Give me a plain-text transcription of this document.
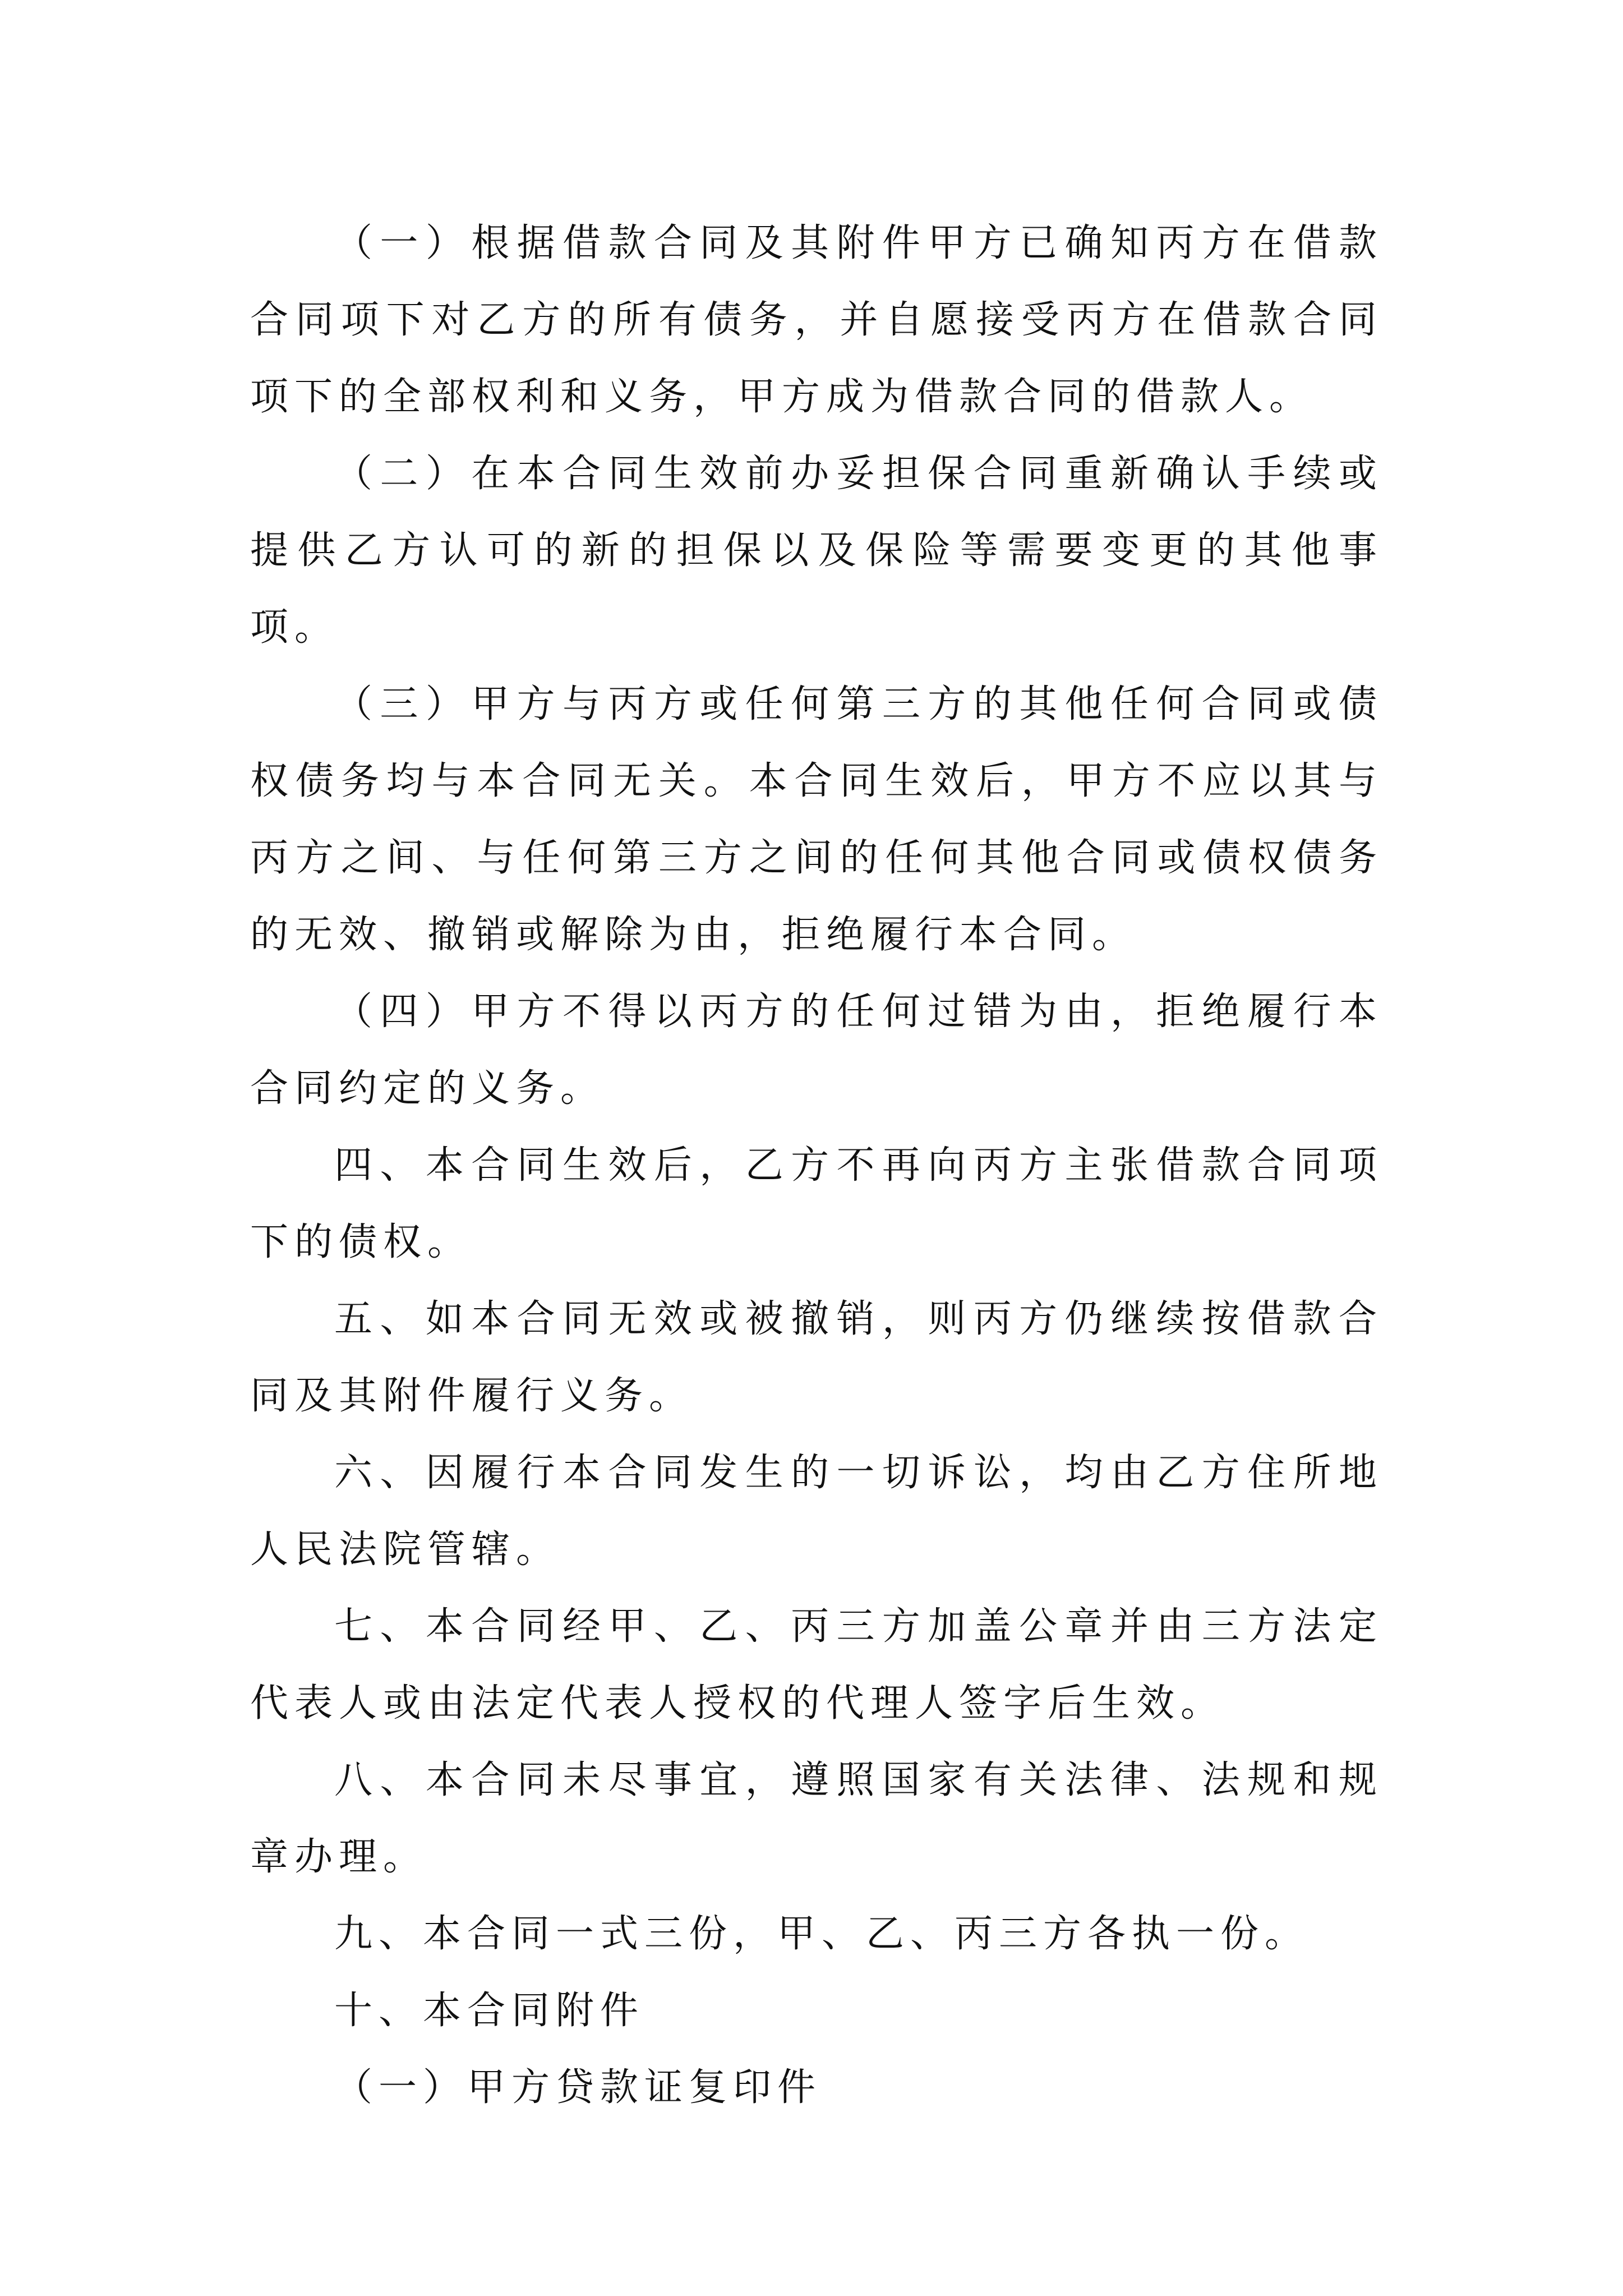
（一）根据借款合同及其附件甲方已确知丙方在借款合同项下对乙方的所有债务，并自愿接受丙方在借款合同项下的全部权利和义务，甲方成为借款合同的借款人。

（二）在本合同生效前办妥担保合同重新确认手续或提供乙方认可的新的担保以及保险等需要变更的其他事项。

（三）甲方与丙方或任何第三方的其他任何合同或债权债务均与本合同无关。本合同生效后，甲方不应以其与丙方之间、与任何第三方之间的任何其他合同或债权债务的无效、撤销或解除为由，拒绝履行本合同。

（四）甲方不得以丙方的任何过错为由，拒绝履行本合同约定的义务。

四、本合同生效后，乙方不再向丙方主张借款合同项下的债权。

五、如本合同无效或被撤销，则丙方仍继续按借款合同及其附件履行义务。

六、因履行本合同发生的一切诉讼，均由乙方住所地人民法院管辖。

七、本合同经甲、乙、丙三方加盖公章并由三方法定代表人或由法定代表人授权的代理人签字后生效。

八、本合同未尽事宜，遵照国家有关法律、法规和规章办理。

九、本合同一式三份，甲、乙、丙三方各执一份。

十、本合同附件

（一）甲方贷款证复印件
